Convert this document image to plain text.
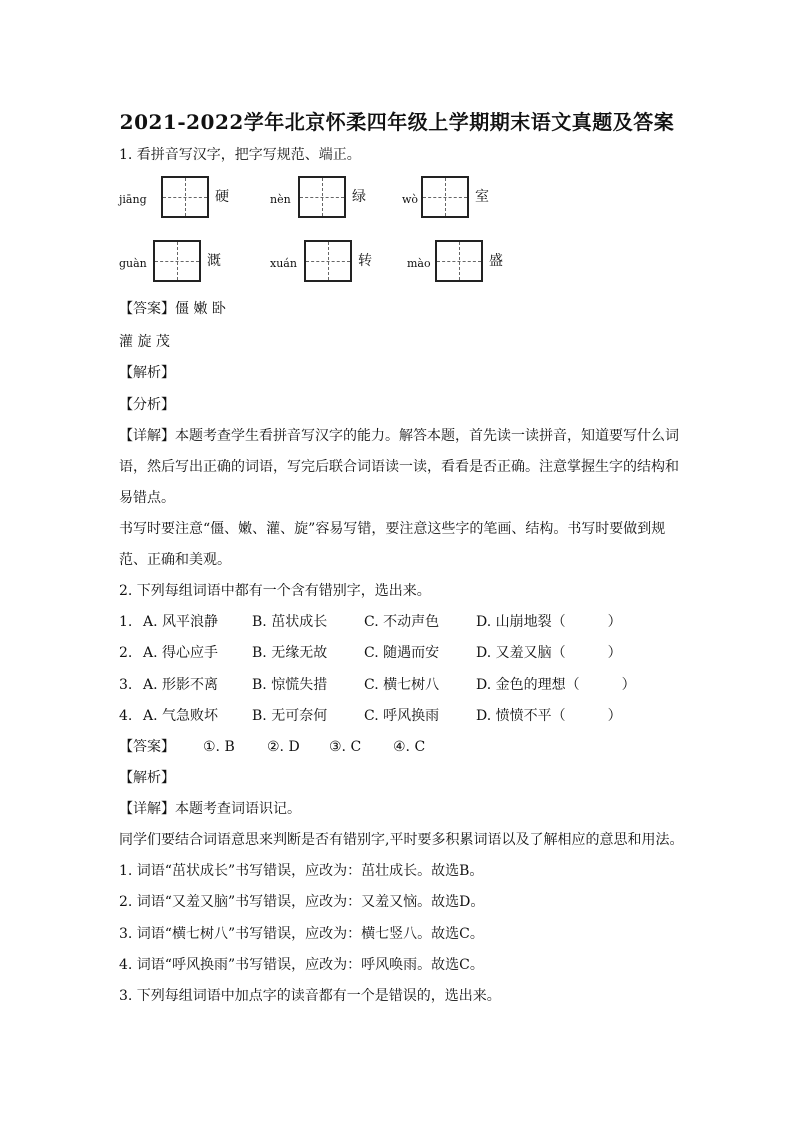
2021-2022学年北京怀柔四年级上学期期末语文真题及答案
1. 看拼音写汉字，把字写规范、端正。
jiāng	硬	nèn	绿	wò	室
guàn	溉	xuán	转	mào	盛
【答案】僵 嫩 卧
灌 旋 茂
【解析】
【分析】
【详解】本题考查学生看拼音写汉字的能力。解答本题，首先读一读拼音，知道要写什么词
语，然后写出正确的词语，写完后联合词语读一读，看看是否正确。注意掌握生字的结构和
易错点。
书写时要注意“僵、嫩、灌、旋”容易写错，要注意这些字的笔画、结构。书写时要做到规
范、正确和美观。
2. 下列每组词语中都有一个含有错别字，选出来。
1. A. 风平浪静 B. 茁状成长	C. 不动声色	D. 山崩地裂（　　　）
2. A. 得心应手 B. 无缘无故	C. 随遇而安	D. 又羞又脑（　　　）
3. A. 形影不离 B. 惊慌失措	C. 横七树八	D. 金色的理想（　　　）
4. A. 气急败坏 B. 无可奈何	C. 呼风换雨	D. 愤愤不平（　　　）
【答案】 ①. B ②. D ③. C ④. C
【解析】
【详解】本题考查词语识记。
同学们要结合词语意思来判断是否有错别字,平时要多积累词语以及了解相应的意思和用法。
1. 词语“茁状成长”书写错误，应改为：茁壮成长。故选B。
2. 词语“又羞又脑”书写错误，应改为：又羞又恼。故选D。
3. 词语“横七树八”书写错误，应改为：横七竖八。故选C。
4. 词语“呼风换雨”书写错误，应改为：呼风唤雨。故选C。
3. 下列每组词语中加点字的读音都有一个是错误的，选出来。
